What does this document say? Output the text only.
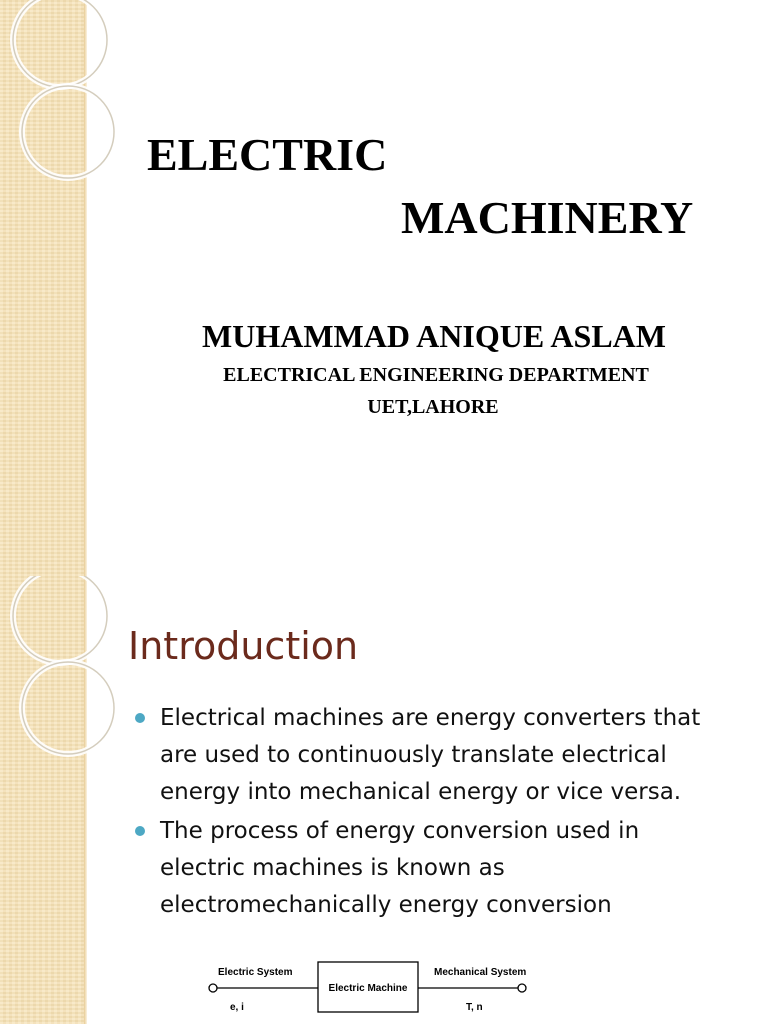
ELECTRIC
MACHINERY
MUHAMMAD ANIQUE ASLAM
ELECTRICAL ENGINEERING DEPARTMENT
UET,LAHORE
Introduction
Electrical machines are energy converters that
are used to continuously translate electrical
energy into mechanical energy or vice versa.
The process of energy conversion used in
electric machines is known as
electromechanically energy conversion
Electric System
e, i
Electric Machine
Mechanical System
T, n
